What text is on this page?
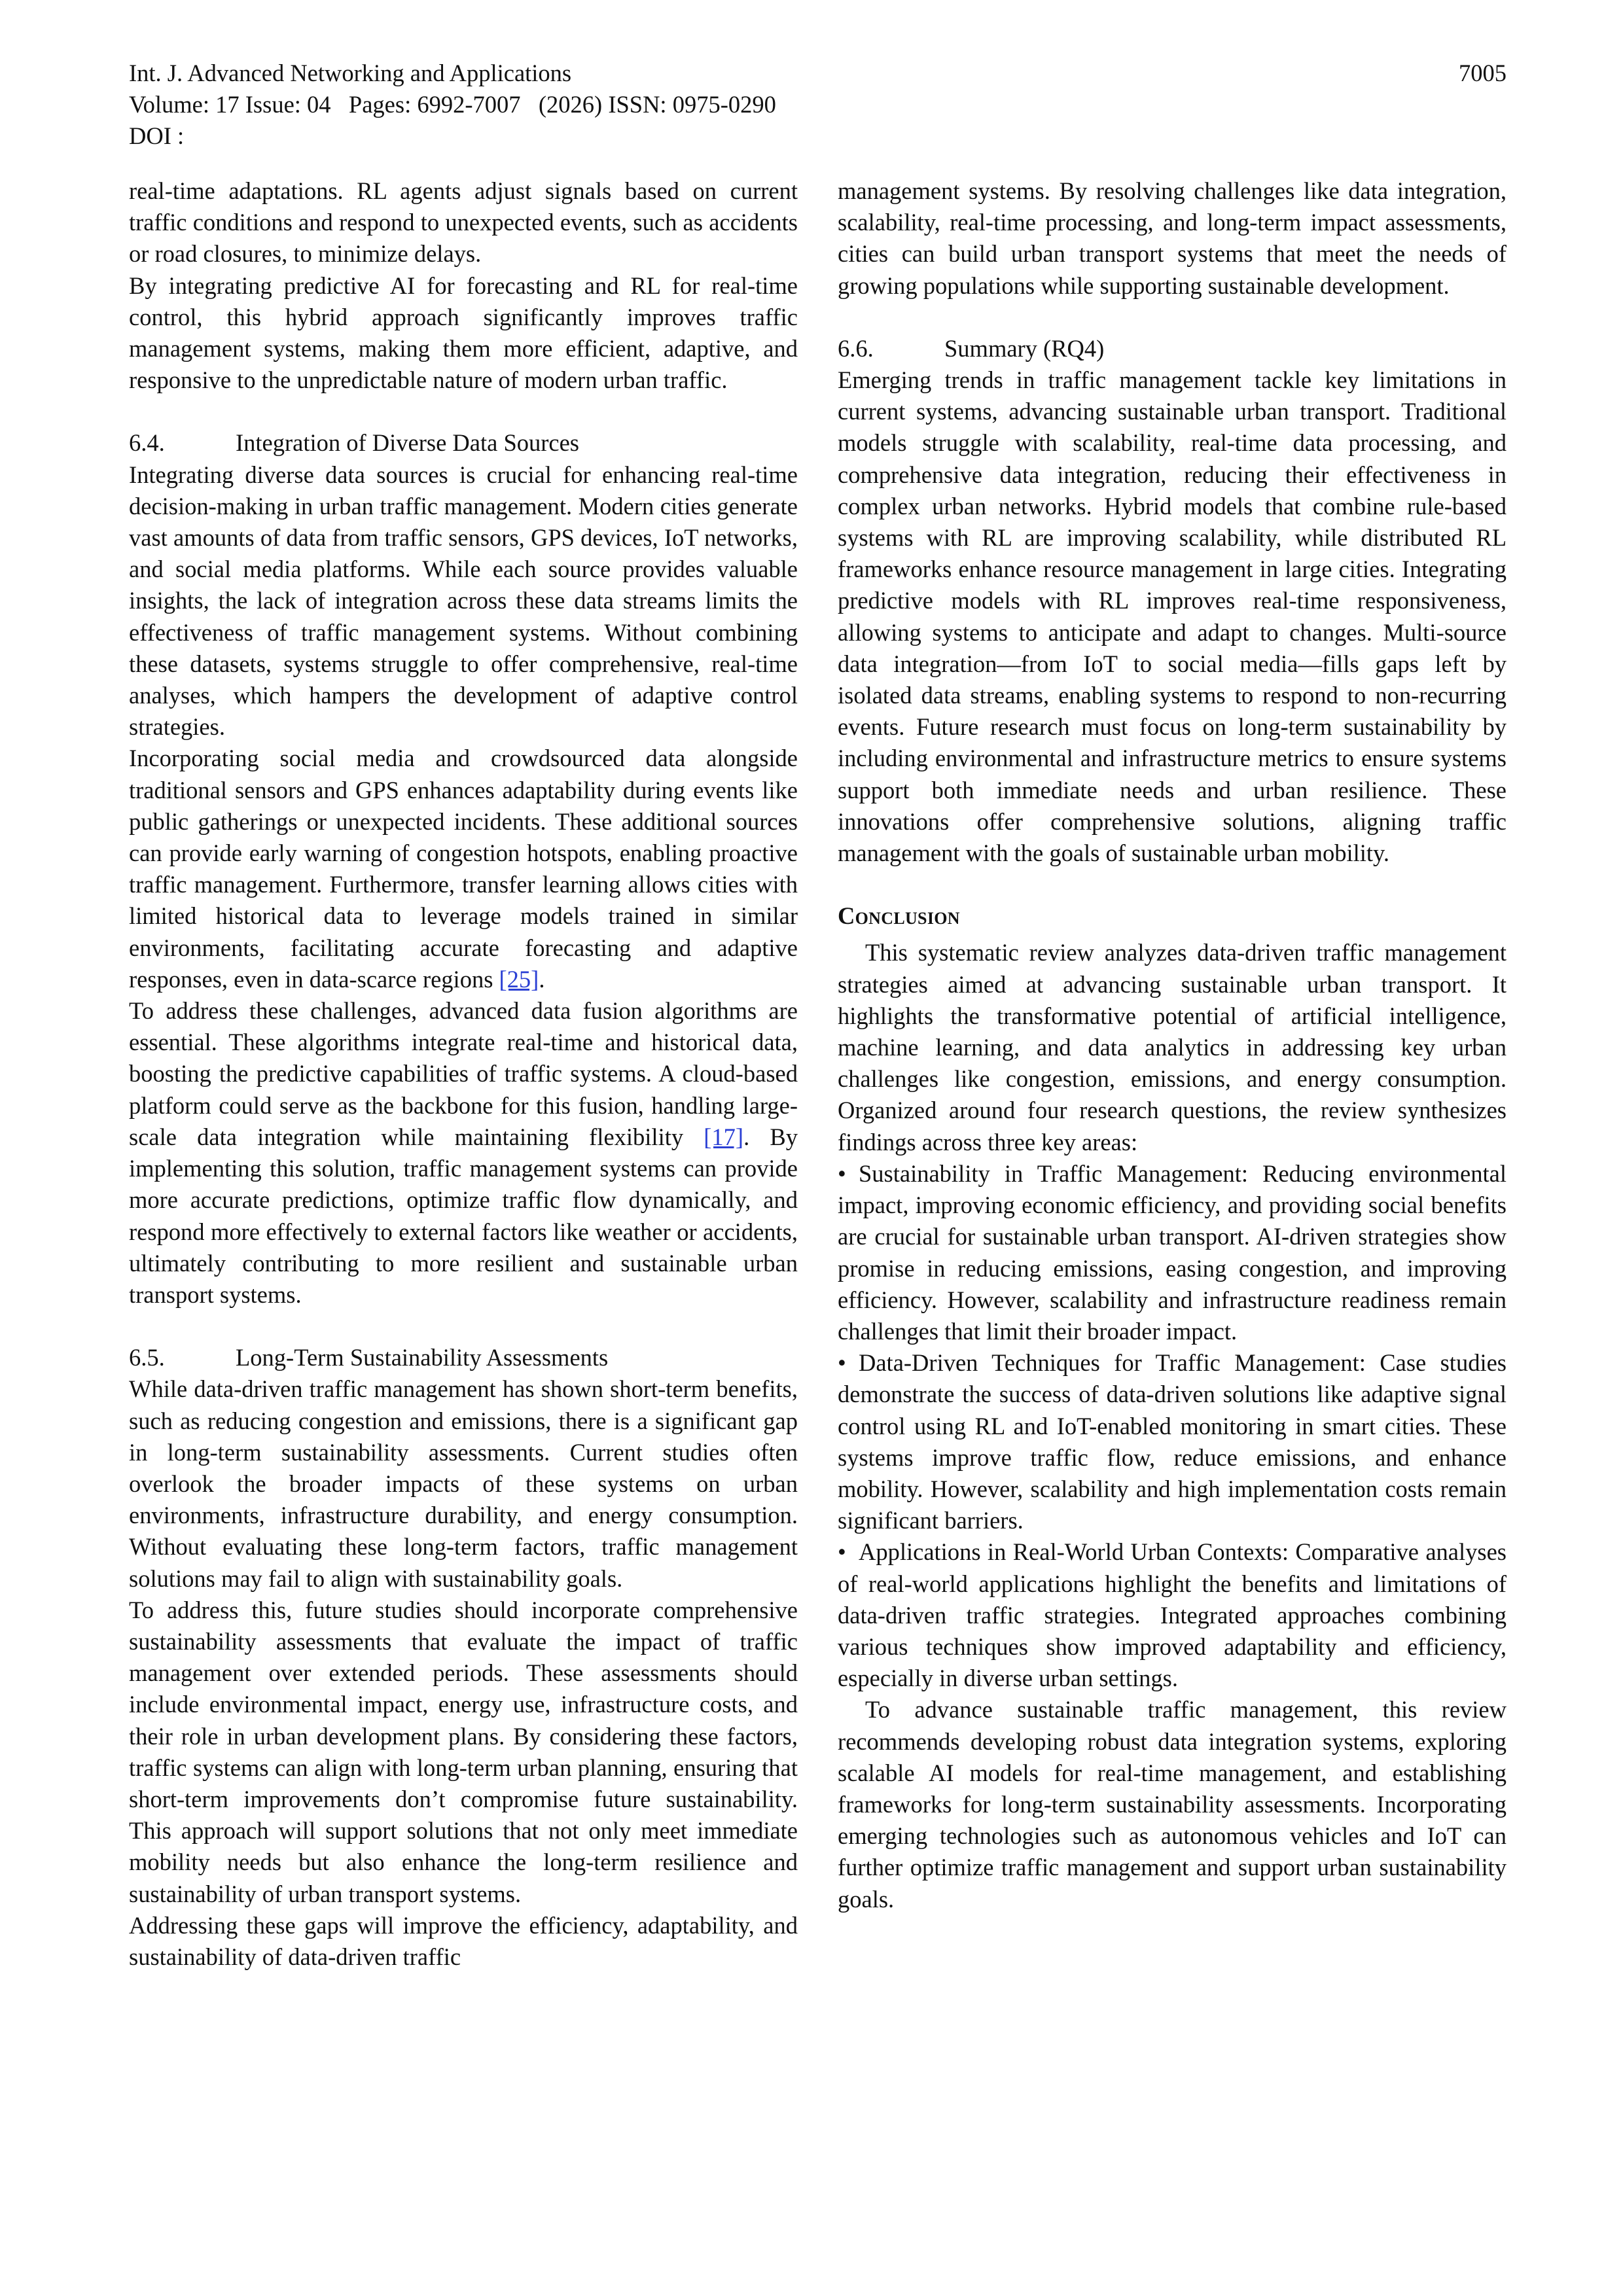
Int. J. Advanced Networking and Applications
Volume: 17 Issue: 04   Pages: 6992-7007   (2026) ISSN: 0975-0290
DOI :
7005

real-time adaptations. RL agents adjust signals based on current traffic conditions and respond to unexpected events, such as accidents or road closures, to minimize delays.

By integrating predictive AI for forecasting and RL for real-time control, this hybrid approach significantly improves traffic management systems, making them more efficient, adaptive, and responsive to the unpredictable nature of modern urban traffic.

6.4.	Integration of Diverse Data Sources

Integrating diverse data sources is crucial for enhancing real-time decision-making in urban traffic management. Modern cities generate vast amounts of data from traffic sensors, GPS devices, IoT networks, and social media platforms. While each source provides valuable insights, the lack of integration across these data streams limits the effectiveness of traffic management systems. Without combining these datasets, systems struggle to offer comprehensive, real-time analyses, which hampers the development of adaptive control strategies.

Incorporating social media and crowdsourced data alongside traditional sensors and GPS enhances adaptability during events like public gatherings or unexpected incidents. These additional sources can provide early warning of congestion hotspots, enabling proactive traffic management. Furthermore, transfer learning allows cities with limited historical data to leverage models trained in similar environments, facilitating accurate forecasting and adaptive responses, even in data-scarce regions [25].

To address these challenges, advanced data fusion algorithms are essential. These algorithms integrate real-time and historical data, boosting the predictive capabilities of traffic systems. A cloud-based platform could serve as the backbone for this fusion, handling large-scale data integration while maintaining flexibility [17]. By implementing this solution, traffic management systems can provide more accurate predictions, optimize traffic flow dynamically, and respond more effectively to external factors like weather or accidents, ultimately contributing to more resilient and sustainable urban transport systems.

6.5.	Long-Term Sustainability Assessments

While data-driven traffic management has shown short-term benefits, such as reducing congestion and emissions, there is a significant gap in long-term sustainability assessments. Current studies often overlook the broader impacts of these systems on urban environments, infrastructure durability, and energy consumption. Without evaluating these long-term factors, traffic management solutions may fail to align with sustainability goals.

To address this, future studies should incorporate comprehensive sustainability assessments that evaluate the impact of traffic management over extended periods. These assessments should include environmental impact, energy use, infrastructure costs, and their role in urban development plans. By considering these factors, traffic systems can align with long-term urban planning, ensuring that short-term improvements don’t compromise future sustainability. This approach will support solutions that not only meet immediate mobility needs but also enhance the long-term resilience and sustainability of urban transport systems.

Addressing these gaps will improve the efficiency, adaptability, and sustainability of data-driven traffic

management systems. By resolving challenges like data integration, scalability, real-time processing, and long-term impact assessments, cities can build urban transport systems that meet the needs of growing populations while supporting sustainable development.

6.6.	Summary (RQ4)

Emerging trends in traffic management tackle key limitations in current systems, advancing sustainable urban transport. Traditional models struggle with scalability, real-time data processing, and comprehensive data integration, reducing their effectiveness in complex urban networks. Hybrid models that combine rule-based systems with RL are improving scalability, while distributed RL frameworks enhance resource management in large cities. Integrating predictive models with RL improves real-time responsiveness, allowing systems to anticipate and adapt to changes. Multi-source data integration—from IoT to social media—fills gaps left by isolated data streams, enabling systems to respond to non-recurring events. Future research must focus on long-term sustainability by including environmental and infrastructure metrics to ensure systems support both immediate needs and urban resilience. These innovations offer comprehensive solutions, aligning traffic management with the goals of sustainable urban mobility.

Conclusion

This systematic review analyzes data-driven traffic management strategies aimed at advancing sustainable urban transport. It highlights the transformative potential of artificial intelligence, machine learning, and data analytics in addressing key urban challenges like congestion, emissions, and energy consumption. Organized around four research questions, the review synthesizes findings across three key areas:

• Sustainability in Traffic Management: Reducing environmental impact, improving economic efficiency, and providing social benefits are crucial for sustainable urban transport. AI-driven strategies show promise in reducing emissions, easing congestion, and improving efficiency. However, scalability and infrastructure readiness remain challenges that limit their broader impact.

• Data-Driven Techniques for Traffic Management: Case studies demonstrate the success of data-driven solutions like adaptive signal control using RL and IoT-enabled monitoring in smart cities. These systems improve traffic flow, reduce emissions, and enhance mobility. However, scalability and high implementation costs remain significant barriers.

• Applications in Real-World Urban Contexts: Comparative analyses of real-world applications highlight the benefits and limitations of data-driven traffic strategies. Integrated approaches combining various techniques show improved adaptability and efficiency, especially in diverse urban settings.

To advance sustainable traffic management, this review recommends developing robust data integration systems, exploring scalable AI models for real-time management, and establishing frameworks for long-term sustainability assessments. Incorporating emerging technologies such as autonomous vehicles and IoT can further optimize traffic management and support urban sustainability goals.
